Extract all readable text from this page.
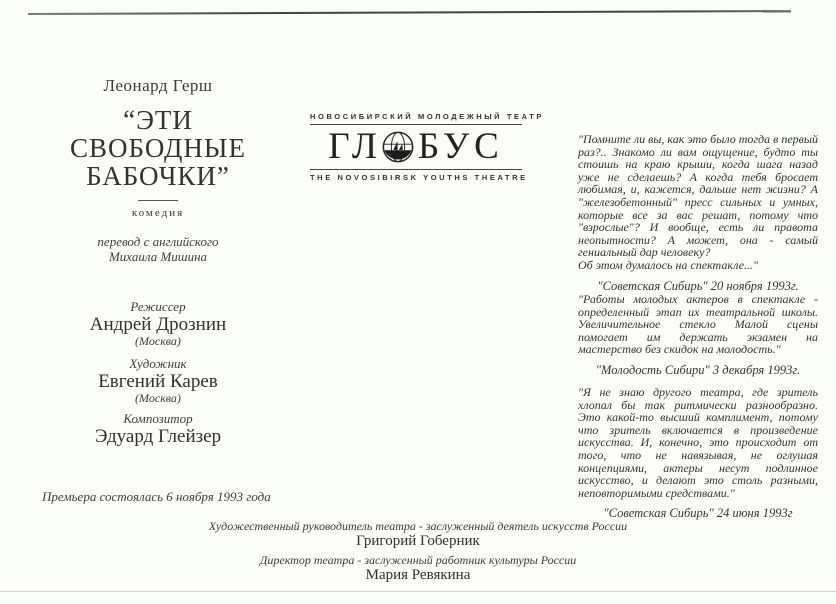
Леонард Герш
“ЭТИ
СВОБОДНЫЕ
БАБОЧКИ”
комедия
перевод с английского
Михаила Мишина
Режиссер
Андрей Дрознин
(Москва)
Художник
Евгений Карев
(Москва)
Композитор
Эдуард Глейзер
Премьера состоялась 6 ноября 1993 года
НОВОСИБИРСКИЙ МОЛОДЕЖНЫЙ ТЕАТР
ГЛ БУС
THE NOVOSIBIRSK YOUTHS THEATRE

"Помните ли вы, как это было тогда в первый раз?.. Знакомо ли вам ощущение, будто ты стоишь на краю крыши, когда шага назад уже не сделаешь? А когда тебя бросает любимая, и, кажется, дальше нет жизни? А "железобетонный" пресс сильных и умных, которые все за вас решат, потому что "взрослые"? И вообще, есть ли правота неопытности? А может, она - самый гениальный дар человеку?

Об этом думалось на спектакле..."

"Советская Сибирь" 20 ноября 1993г.

"Работы молодых актеров в спектакле - определенный этап их театральной школы. Увеличительное стекло Малой сцены помогает им держать экзамен на мастерство без скидок на молодость."

"Молодость Сибири" 3 декабря 1993г.

"Я не знаю другого театра, где зритель хлопал бы так ритмически разнообразно. Это какой-то высший комплимент, потому что зритель включается в произведение искусства. И, конечно, это происходит от того, что не навязывая, не оглушая концепциями, актеры несут подлинное искусство, и делают это столь разными, неповторимыми средствами."

"Советская Сибирь" 24 июня 1993г
Художественный руководитель театра - заслуженный деятель искусств России
Григорий Гоберник
Директор театра - заслуженный работник культуры России
Мария Ревякина
